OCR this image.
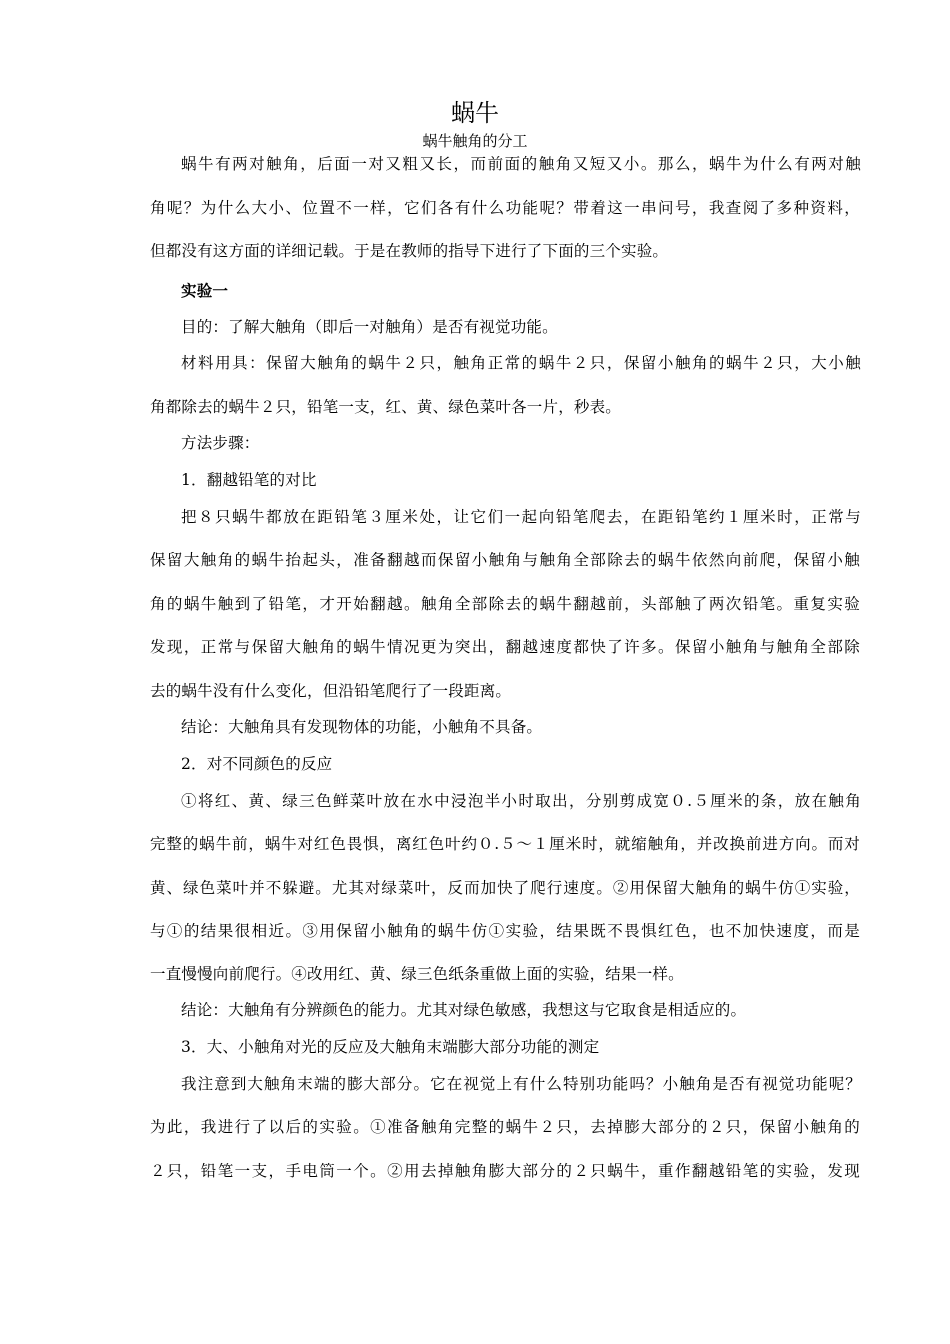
蜗牛
蜗牛触角的分工
蜗牛有两对触角，后面一对又粗又长，而前面的触角又短又小。那么，蜗牛为什么有两对触
角呢？为什么大小、位置不一样，它们各有什么功能呢？带着这一串问号，我查阅了多种资料，
但都没有这方面的详细记载。于是在教师的指导下进行了下面的三个实验。
实验一
目的：了解大触角（即后一对触角）是否有视觉功能。
材料用具：保留大触角的蜗牛２只，触角正常的蜗牛２只，保留小触角的蜗牛２只，大小触
角都除去的蜗牛２只，铅笔一支，红、黄、绿色菜叶各一片，秒表。
方法步骤：
1．翻越铅笔的对比
把８只蜗牛都放在距铅笔３厘米处，让它们一起向铅笔爬去，在距铅笔约１厘米时，正常与
保留大触角的蜗牛抬起头，准备翻越而保留小触角与触角全部除去的蜗牛依然向前爬，保留小触
角的蜗牛触到了铅笔，才开始翻越。触角全部除去的蜗牛翻越前，头部触了两次铅笔。重复实验
发现，正常与保留大触角的蜗牛情况更为突出，翻越速度都快了许多。保留小触角与触角全部除
去的蜗牛没有什么变化，但沿铅笔爬行了一段距离。
结论：大触角具有发现物体的功能，小触角不具备。
2．对不同颜色的反应
①将红、黄、绿三色鲜菜叶放在水中浸泡半小时取出，分别剪成宽０.５厘米的条，放在触角
完整的蜗牛前，蜗牛对红色畏惧，离红色叶约０.５～１厘米时，就缩触角，并改换前进方向。而对
黄、绿色菜叶并不躲避。尤其对绿菜叶，反而加快了爬行速度。②用保留大触角的蜗牛仿①实验，
与①的结果很相近。③用保留小触角的蜗牛仿①实验，结果既不畏惧红色，也不加快速度，而是
一直慢慢向前爬行。④改用红、黄、绿三色纸条重做上面的实验，结果一样。
结论：大触角有分辨颜色的能力。尤其对绿色敏感，我想这与它取食是相适应的。
3．大、小触角对光的反应及大触角末端膨大部分功能的测定
我注意到大触角末端的膨大部分。它在视觉上有什么特别功能吗？小触角是否有视觉功能呢？
为此，我进行了以后的实验。①准备触角完整的蜗牛２只，去掉膨大部分的２只，保留小触角的
２只，铅笔一支，手电筒一个。②用去掉触角膨大部分的２只蜗牛，重作翻越铅笔的实验，发现
